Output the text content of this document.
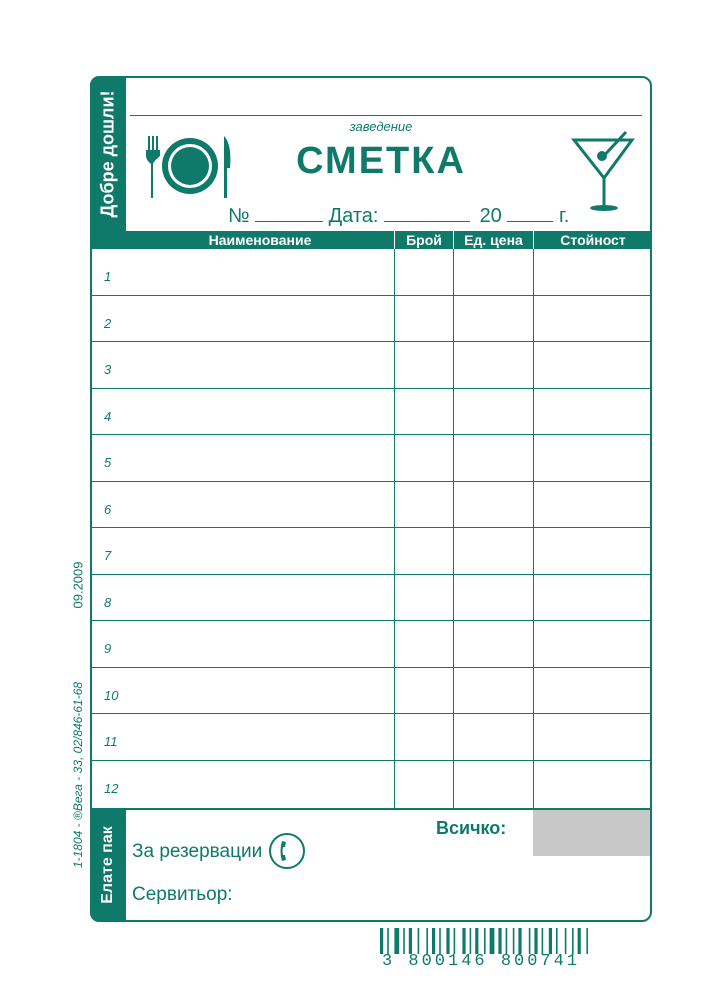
09.2009
1-1804 - ®Вега - 33, 02/846-61-68
Добре дошли!
Елате пак
заведение
СМЕТКА
№	Дата:	20	г.
Наименование	Брой	Ед. цена	Стойност
1
2
3
4
5
6
7
8
9
10
11
12
Всичко:
За резервации
Сервитьор:
3 800146 800741
